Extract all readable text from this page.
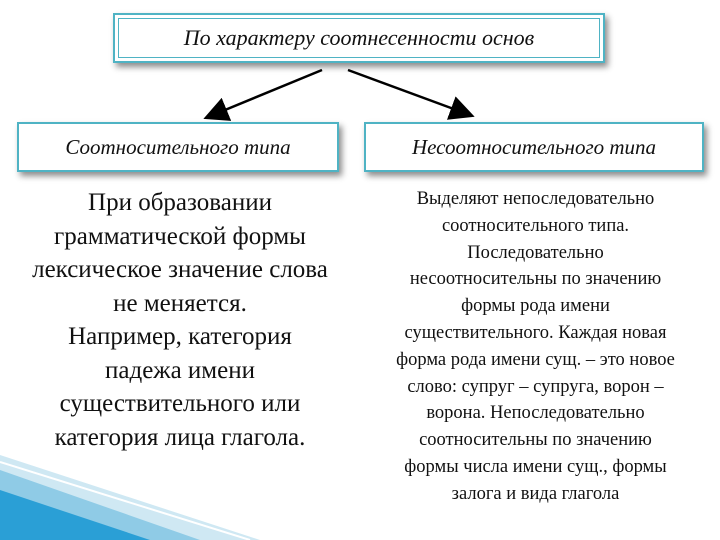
По характеру соотнесенности основ
Соотносительного типа	Несоотносительного типа
При образовании
грамматической формы
лексическое значение слова
не меняется.
Например, категория
падежа имени
существительного или
категория лица глагола.
Выделяют непоследовательно
соотносительного типа.
Последовательно
несоотносительны по значению
формы рода имени
существительного. Каждая новая
форма рода имени сущ. – это новое
слово: супруг – супруга, ворон –
ворона. Непоследовательно
соотносительны по значению
формы числа имени сущ., формы
залога и вида глагола
